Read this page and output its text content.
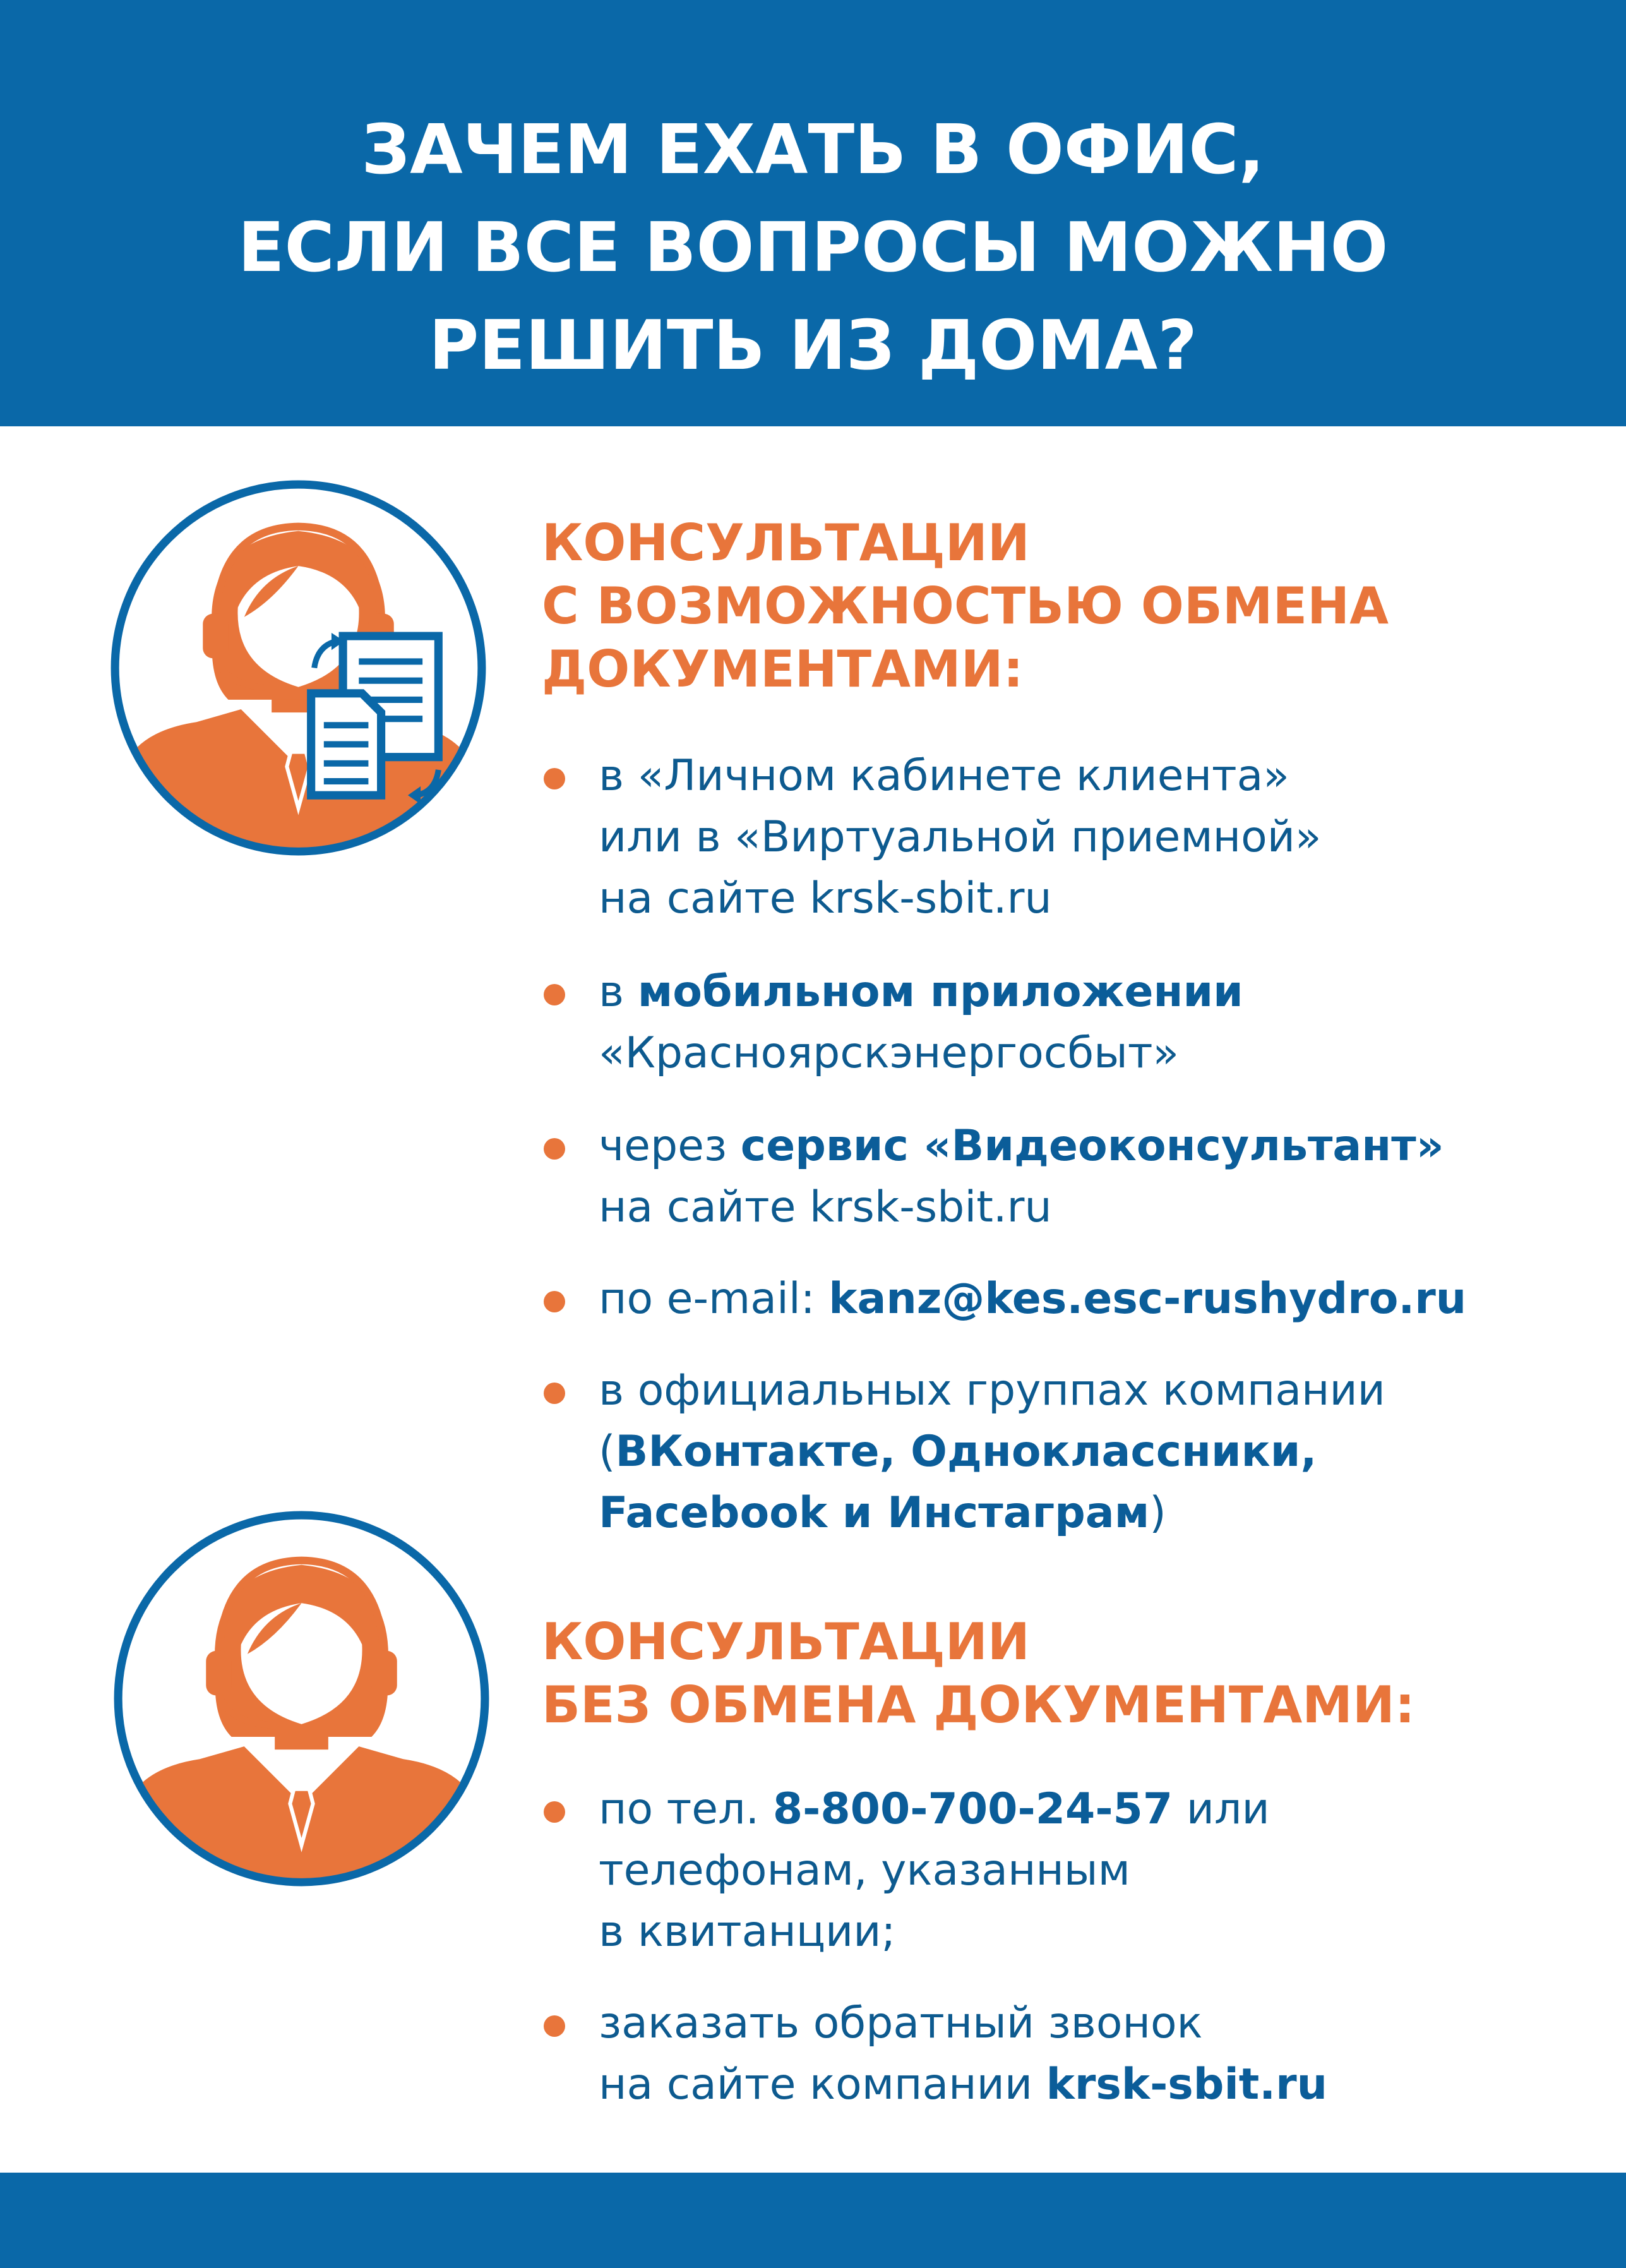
ЗАЧЕМ ЕХАТЬ В ОФИС,
ЕСЛИ ВСЕ ВОПРОСЫ МОЖНО
РЕШИТЬ ИЗ ДОМА?
КОНСУЛЬТАЦИИ
С ВОЗМОЖНОСТЬЮ ОБМЕНА
ДОКУМЕНТАМИ:
в «Личном кабинете клиента»
или в «Виртуальной приемной»
на сайте krsk-sbit.ru
в мобильном приложении
«Красноярскэнергосбыт»
через сервис «Видеоконсультант»
на сайте krsk-sbit.ru
по e-mail: kanz@kes.esc-rushydro.ru
в официальных группах компании
(ВКонтакте, Одноклассники,
Facebook и Инстаграм)
КОНСУЛЬТАЦИИ
БЕЗ ОБМЕНА ДОКУМЕНТАМИ:
по тел. 8-800-700-24-57 или
телефонам, указанным
в квитанции;
заказать обратный звонок
на сайте компании krsk-sbit.ru
